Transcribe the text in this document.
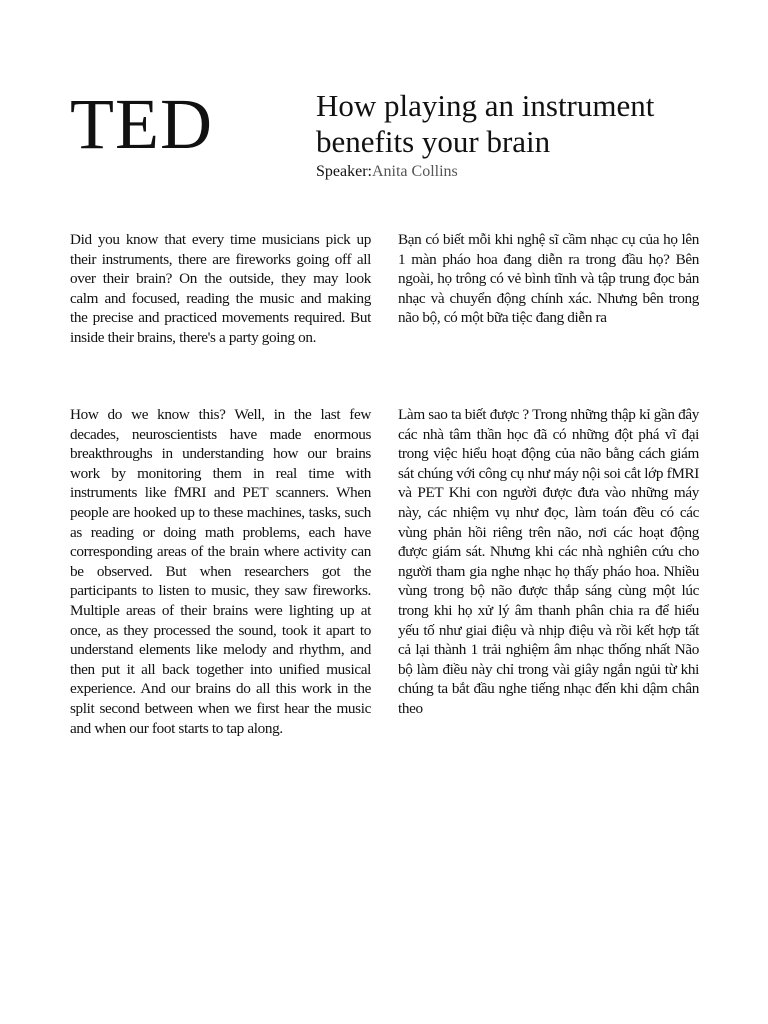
TED	How playing an instrument benefits your brain
Speaker:Anita Collins

Did you know that every time musicians pick up their instruments, there are fireworks going off all over their brain? On the outside, they may look calm and focused, reading the music and making the precise and practiced movements required. But inside their brains, there's a party going on.

Bạn có biết mỗi khi nghệ sĩ cầm nhạc cụ của họ lên 1 màn pháo hoa đang diễn ra trong đầu họ? Bên ngoài, họ trông có vẻ bình tĩnh và tập trung đọc bản nhạc và chuyển động chính xác. Nhưng bên trong não bộ, có một bữa tiệc đang diễn ra

How do we know this? Well, in the last few decades, neuroscientists have made enormous breakthroughs in understanding how our brains work by monitoring them in real time with instruments like fMRI and PET scanners. When people are hooked up to these machines, tasks, such as reading or doing math problems, each have corresponding areas of the brain where activity can be observed. But when researchers got the participants to listen to music, they saw fireworks. Multiple areas of their brains were lighting up at once, as they processed the sound, took it apart to understand elements like melody and rhythm, and then put it all back together into unified musical experience. And our brains do all this work in the split second between when we first hear the music and when our foot starts to tap along.

Làm sao ta biết được ? Trong những thập kỉ gần đây các nhà tâm thần học đã có những đột phá vĩ đại trong việc hiểu hoạt động của não bằng cách giám sát chúng với công cụ như máy nội soi cắt lớp fMRI và PET Khi con người được đưa vào những máy này, các nhiệm vụ như đọc, làm toán đều có các vùng phản hồi riêng trên não, nơi các hoạt động được giám sát. Nhưng khi các nhà nghiên cứu cho người tham gia nghe nhạc họ thấy pháo hoa. Nhiều vùng trong bộ não được thắp sáng cùng một lúc trong khi họ xử lý âm thanh phân chia ra để hiểu yếu tố như giai điệu và nhịp điệu và rồi kết hợp tất cả lại thành 1 trải nghiệm âm nhạc thống nhất Não bộ làm điều này chỉ trong vài giây ngắn ngủi từ khi chúng ta bắt đầu nghe tiếng nhạc đến khi dậm chân theo
